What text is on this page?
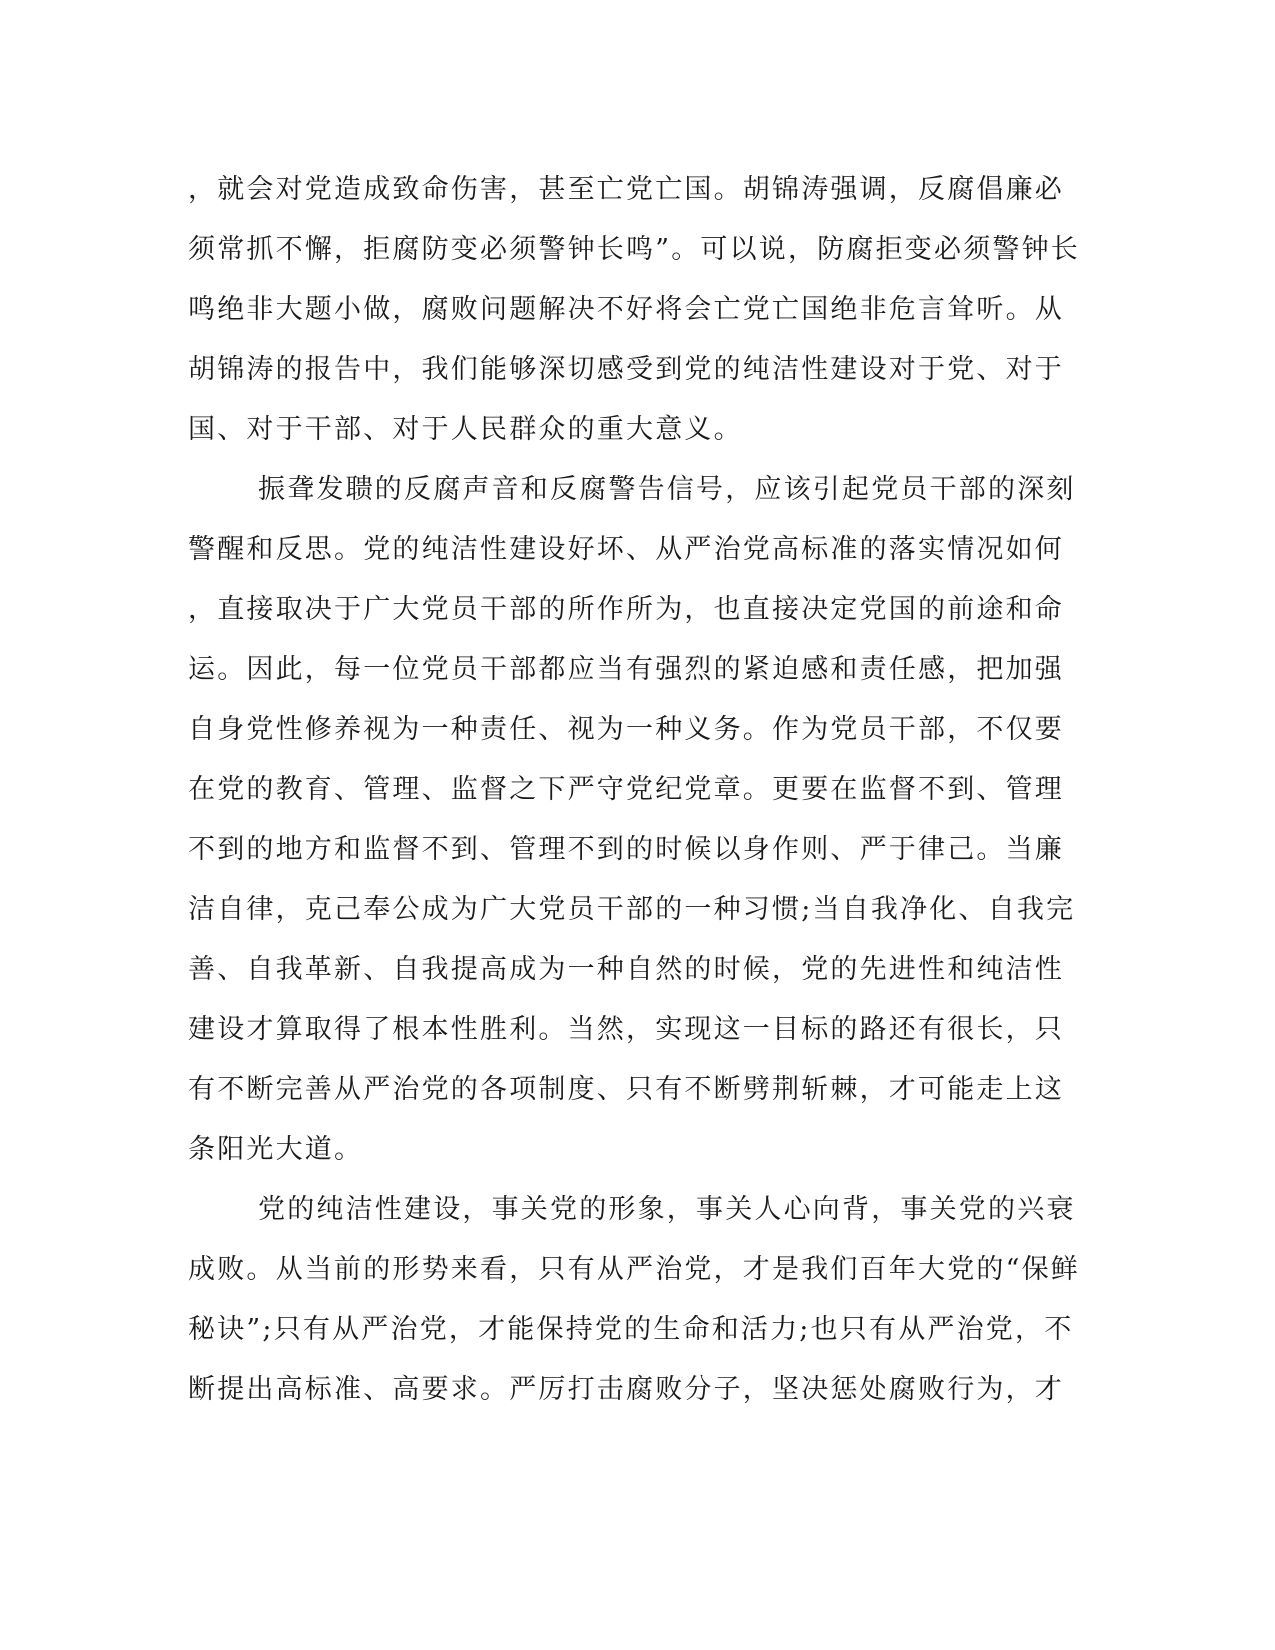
，就会对党造成致命伤害，甚至亡党亡国。胡锦涛强调，反腐倡廉必
须常抓不懈，拒腐防变必须警钟长鸣”。可以说，防腐拒变必须警钟长
鸣绝非大题小做，腐败问题解决不好将会亡党亡国绝非危言耸听。从
胡锦涛的报告中，我们能够深切感受到党的纯洁性建设对于党、对于
国、对于干部、对于人民群众的重大意义。
振聋发聩的反腐声音和反腐警告信号，应该引起党员干部的深刻
警醒和反思。党的纯洁性建设好坏、从严治党高标准的落实情况如何
，直接取决于广大党员干部的所作所为，也直接决定党国的前途和命
运。因此，每一位党员干部都应当有强烈的紧迫感和责任感，把加强
自身党性修养视为一种责任、视为一种义务。作为党员干部，不仅要
在党的教育、管理、监督之下严守党纪党章。更要在监督不到、管理
不到的地方和监督不到、管理不到的时候以身作则、严于律己。当廉
洁自律，克己奉公成为广大党员干部的一种习惯;当自我净化、自我完
善、自我革新、自我提高成为一种自然的时候，党的先进性和纯洁性
建设才算取得了根本性胜利。当然，实现这一目标的路还有很长，只
有不断完善从严治党的各项制度、只有不断劈荆斩棘，才可能走上这
条阳光大道。
党的纯洁性建设，事关党的形象，事关人心向背，事关党的兴衰
成败。从当前的形势来看，只有从严治党，才是我们百年大党的“保鲜
秘诀”;只有从严治党，才能保持党的生命和活力;也只有从严治党，不
断提出高标准、高要求。严厉打击腐败分子，坚决惩处腐败行为，才
